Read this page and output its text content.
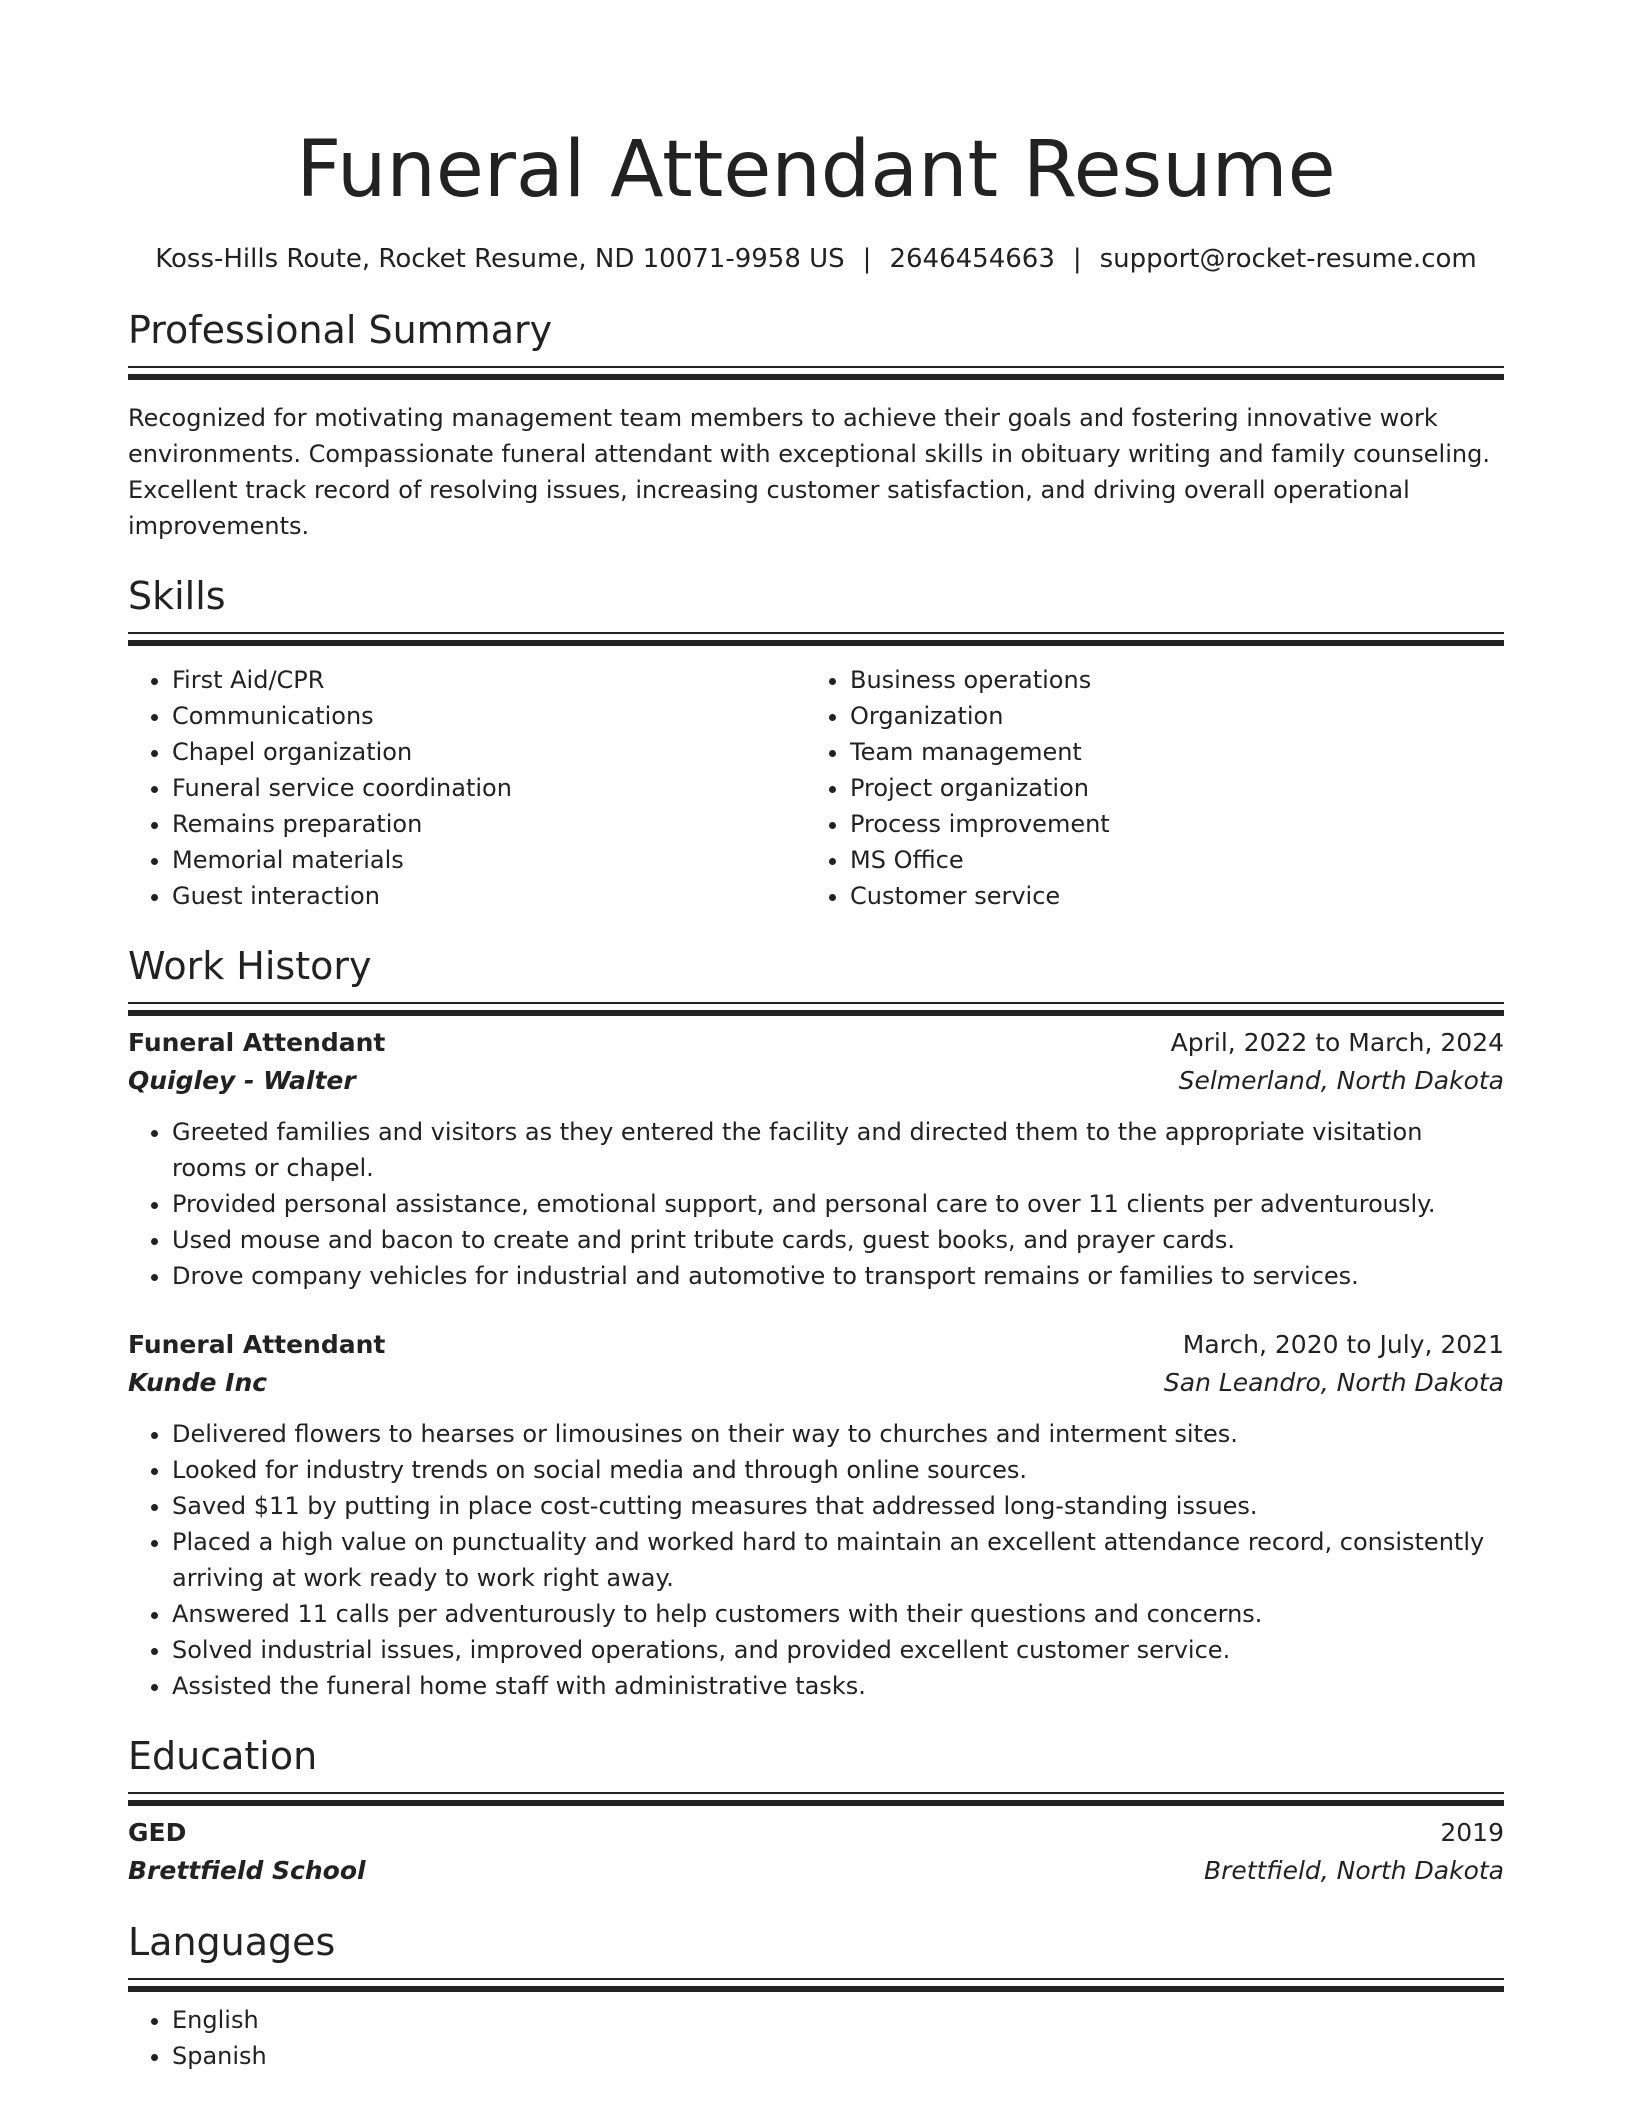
Funeral Attendant Resume
Koss-Hills Route, Rocket Resume, ND 10071-9958 US | 2646454663 | support@rocket-resume.com
Professional Summary
Recognized for motivating management team members to achieve their goals and fostering innovative work environments. Compassionate funeral attendant with exceptional skills in obituary writing and family counseling. Excellent track record of resolving issues, increasing customer satisfaction, and driving overall operational improvements.
Skills
• First Aid/CPR
• Communications
• Chapel organization
• Funeral service coordination
• Remains preparation
• Memorial materials
• Guest interaction
• Business operations
• Organization
• Team management
• Project organization
• Process improvement
• MS Office
• Customer service
Work History
Funeral Attendant	April, 2022 to March, 2024
Quigley - Walter	Selmerland, North Dakota
• Greeted families and visitors as they entered the facility and directed them to the appropriate visitation rooms or chapel.
• Provided personal assistance, emotional support, and personal care to over 11 clients per adventurously.
• Used mouse and bacon to create and print tribute cards, guest books, and prayer cards.
• Drove company vehicles for industrial and automotive to transport remains or families to services.
Funeral Attendant	March, 2020 to July, 2021
Kunde Inc	San Leandro, North Dakota
• Delivered flowers to hearses or limousines on their way to churches and interment sites.
• Looked for industry trends on social media and through online sources.
• Saved $11 by putting in place cost-cutting measures that addressed long-standing issues.
• Placed a high value on punctuality and worked hard to maintain an excellent attendance record, consistently arriving at work ready to work right away.
• Answered 11 calls per adventurously to help customers with their questions and concerns.
• Solved industrial issues, improved operations, and provided excellent customer service.
• Assisted the funeral home staff with administrative tasks.
Education
GED	2019
Brettfield School	Brettfield, North Dakota
Languages
• English
• Spanish
